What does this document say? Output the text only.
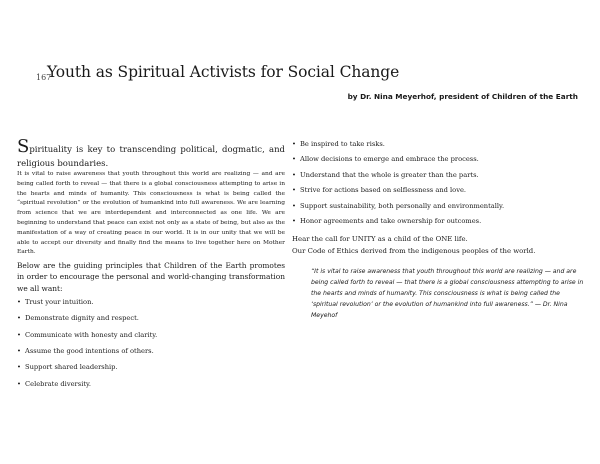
167
Youth as Spiritual Activists for Social Change

by Dr. Nina Meyerhof, president of Children of the Earth

Spirituality is key to transcending political, dogmatic, and

religious boundaries.

It is vital to raise awareness that youth throughout this world are realizing — and are being called forth to reveal — that there is a global consciousness attempting to arise in the hearts and minds of humanity. This consciousness is what is being called the “spiritual revolution” or the evolution of humankind into full awareness. We are learning from science that we are interdependent and interconnected as one life. We are beginning to understand that peace can exist not only as a state of being, but also as the manifestation of a way of creating peace in our world. It is in our unity that we will be able to accept our diversity and finally find the means to live together here on Mother Earth.

Below are the guiding principles that Children of the Earth promotes in order to encourage the personal and world-changing transformation we all want:

• Trust your intuition.
• Demonstrate dignity and respect.
• Communicate with honesty and clarity.
• Assume the good intentions of others.
• Support shared leadership.
• Celebrate diversity.
• Be inspired to take risks.
• Allow decisions to emerge and embrace the process.
• Understand that the whole is greater than the parts.
• Strive for actions based on selflessness and love.
• Support sustainability, both personally and environmentally.
• Honor agreements and take ownership for outcomes.

Hear the call for UNITY as a child of the ONE life.

Our Code of Ethics derived from the indigenous peoples of the world.

“It is vital to raise awareness that youth throughout this world are realizing — and are being called forth to reveal — that there is a global consciousness attempting to arise in the hearts and minds of humanity. This consciousness is what is being called the ‘spiritual revolution’ or the evolution of humankind into full awareness.” — Dr. Nina Meyehof
